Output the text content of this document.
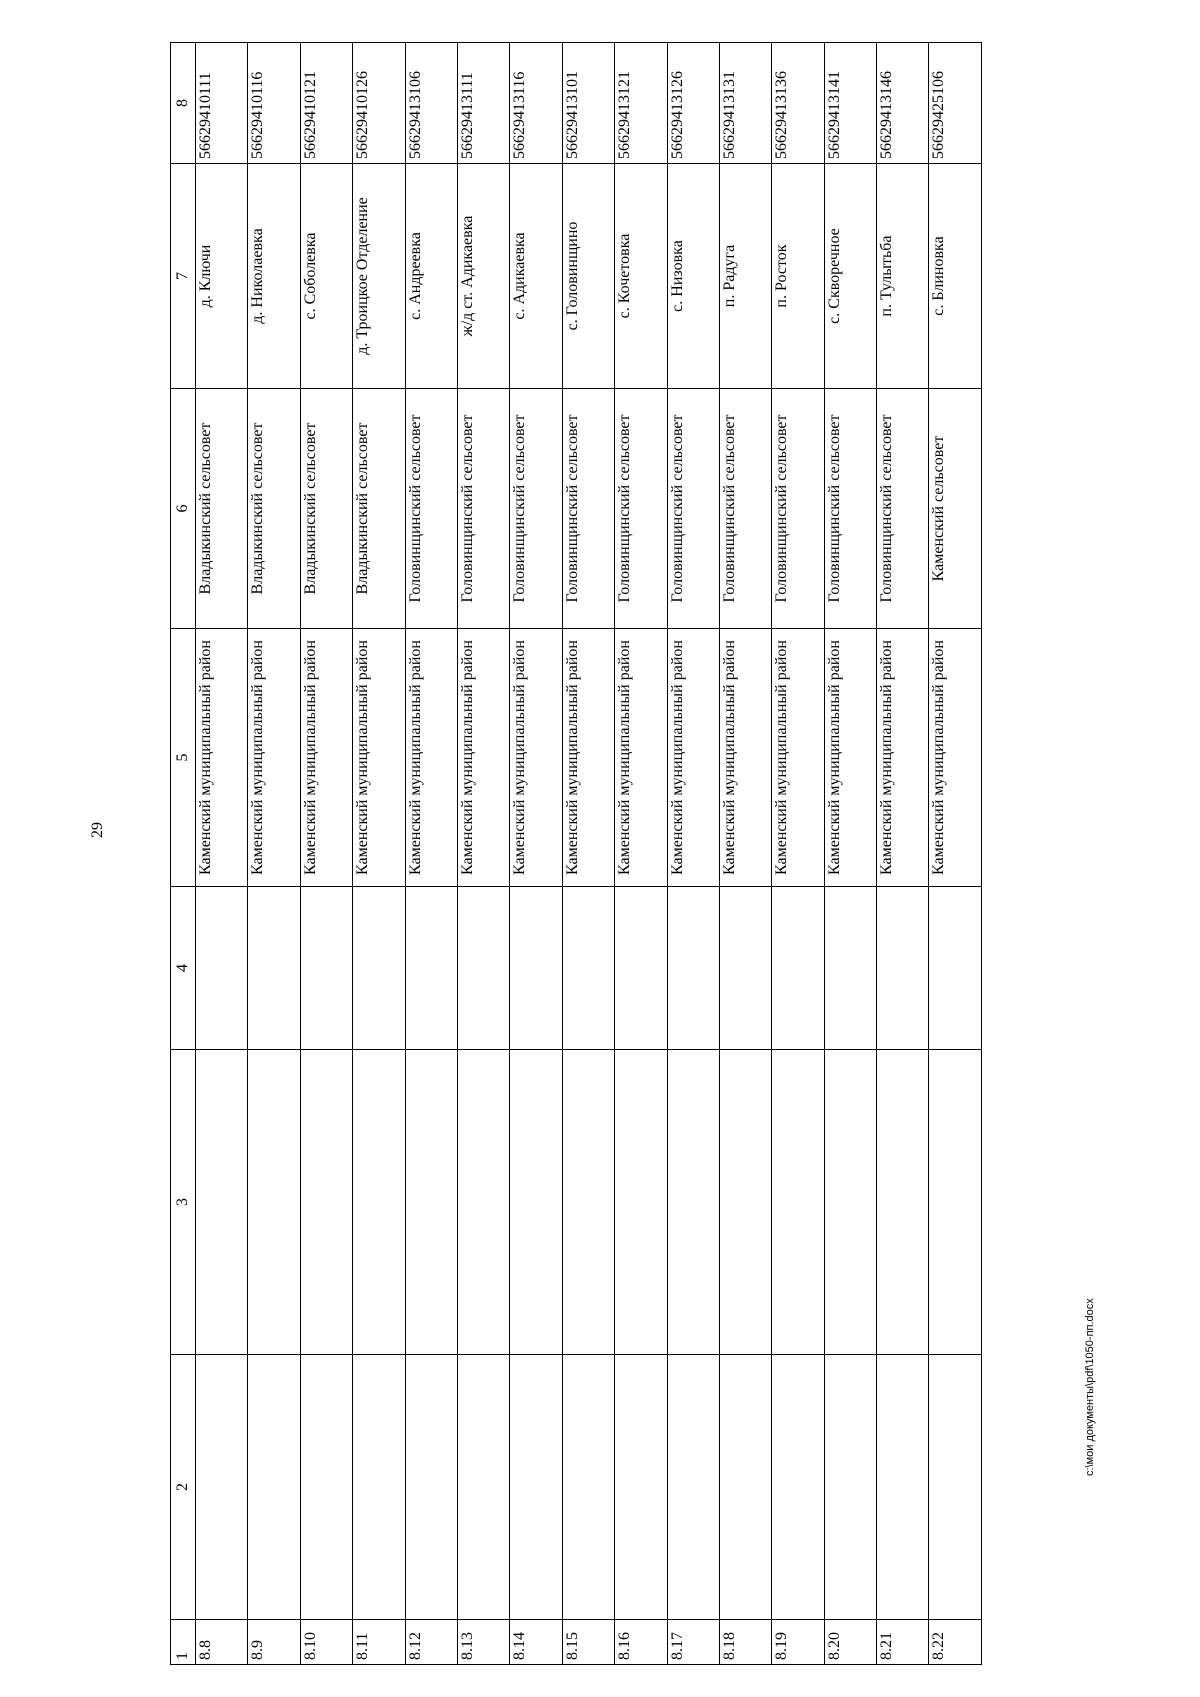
29
1	2	3	4	5	6	7	8
8.8				Каменский муниципальный район	Владыкинский сельсовет	д. Ключи	56629410111
8.9				Каменский муниципальный район	Владыкинский сельсовет	д. Николаевка	56629410116
8.10				Каменский муниципальный район	Владыкинский сельсовет	с. Соболевка	56629410121
8.11				Каменский муниципальный район	Владыкинский сельсовет	д. Троицкое Отделение	56629410126
8.12				Каменский муниципальный район	Головинщинский сельсовет	с. Андреевка	56629413106
8.13				Каменский муниципальный район	Головинщинский сельсовет	ж/д ст. Адикаевка	56629413111
8.14				Каменский муниципальный район	Головинщинский сельсовет	с. Адикаевка	56629413116
8.15				Каменский муниципальный район	Головинщинский сельсовет	с. Головинщино	56629413101
8.16				Каменский муниципальный район	Головинщинский сельсовет	с. Кочетовка	56629413121
8.17				Каменский муниципальный район	Головинщинский сельсовет	с. Низовка	56629413126
8.18				Каменский муниципальный район	Головинщинский сельсовет	п. Радуга	56629413131
8.19				Каменский муниципальный район	Головинщинский сельсовет	п. Росток	56629413136
8.20				Каменский муниципальный район	Головинщинский сельсовет	с. Скворечное	56629413141
8.21				Каменский муниципальный район	Головинщинский сельсовет	п. Тулытьба	56629413146
8.22				Каменский муниципальный район	Каменский сельсовет	с. Блиновка	56629425106
c:\мои документы\pdf\1050-пп.docx
